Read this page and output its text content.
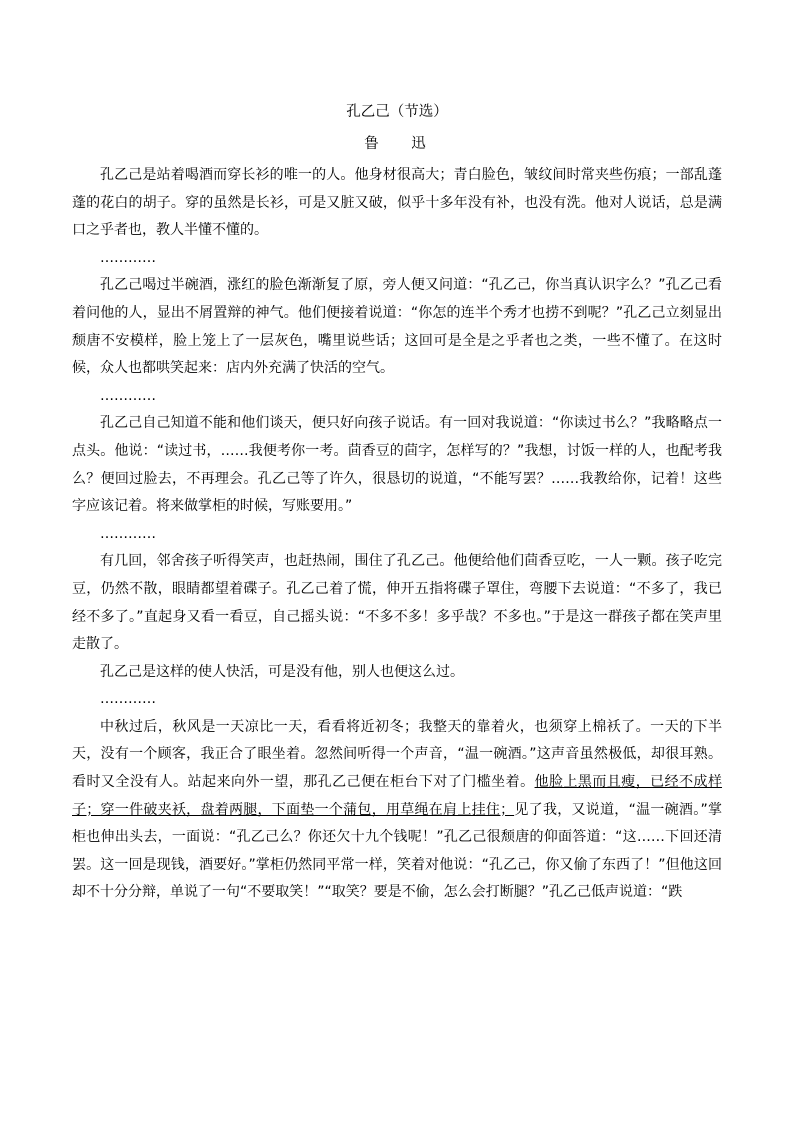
孔乙己（节选）
鲁 迅

孔乙己是站着喝酒而穿长衫的唯一的人。他身材很高大；青白脸色，皱纹间时常夹些伤痕；一部乱蓬蓬的花白的胡子。穿的虽然是长衫，可是又脏又破，似乎十多年没有补，也没有洗。他对人说话，总是满口之乎者也，教人半懂不懂的。

…………

孔乙己喝过半碗酒，涨红的脸色渐渐复了原，旁人便又问道：“孔乙己，你当真认识字么？”孔乙己看着问他的人，显出不屑置辩的神气。他们便接着说道：“你怎的连半个秀才也捞不到呢？”孔乙己立刻显出颓唐不安模样，脸上笼上了一层灰色，嘴里说些话；这回可是全是之乎者也之类，一些不懂了。在这时候，众人也都哄笑起来：店内外充满了快活的空气。

…………

孔乙己自己知道不能和他们谈天，便只好向孩子说话。有一回对我说道：“你读过书么？”我略略点一点头。他说：“读过书，……我便考你一考。茴香豆的茴字，怎样写的？”我想，讨饭一样的人，也配考我么？便回过脸去，不再理会。孔乙己等了许久，很恳切的说道，“不能写罢？……我教给你，记着！这些字应该记着。将来做掌柜的时候，写账要用。”

…………

有几回，邻舍孩子听得笑声，也赶热闹，围住了孔乙己。他便给他们茴香豆吃，一人一颗。孩子吃完豆，仍然不散，眼睛都望着碟子。孔乙己着了慌，伸开五指将碟子罩住，弯腰下去说道：“不多了，我已经不多了。”直起身又看一看豆，自己摇头说：“不多不多！多乎哉？不多也。”于是这一群孩子都在笑声里走散了。

孔乙己是这样的使人快活，可是没有他，别人也便这么过。

…………

中秋过后，秋风是一天凉比一天，看看将近初冬；我整天的靠着火，也须穿上棉袄了。一天的下半天，没有一个顾客，我正合了眼坐着。忽然间听得一个声音，“温一碗酒。”这声音虽然极低，却很耳熟。看时又全没有人。站起来向外一望，那孔乙己便在柜台下对了门槛坐着。他脸上黑而且瘦，已经不成样子；穿一件破夹袄，盘着两腿，下面垫一个蒲包，用草绳在肩上挂住；见了我，又说道，“温一碗酒。”掌柜也伸出头去，一面说：“孔乙己么？你还欠十九个钱呢！”孔乙己很颓唐的仰面答道：“这……下回还清罢。这一回是现钱，酒要好。”掌柜仍然同平常一样，笑着对他说：“孔乙己，你又偷了东西了！”但他这回却不十分分辩，单说了一句“不要取笑！”“取笑？要是不偷，怎么会打断腿？”孔乙己低声说道：“跌
